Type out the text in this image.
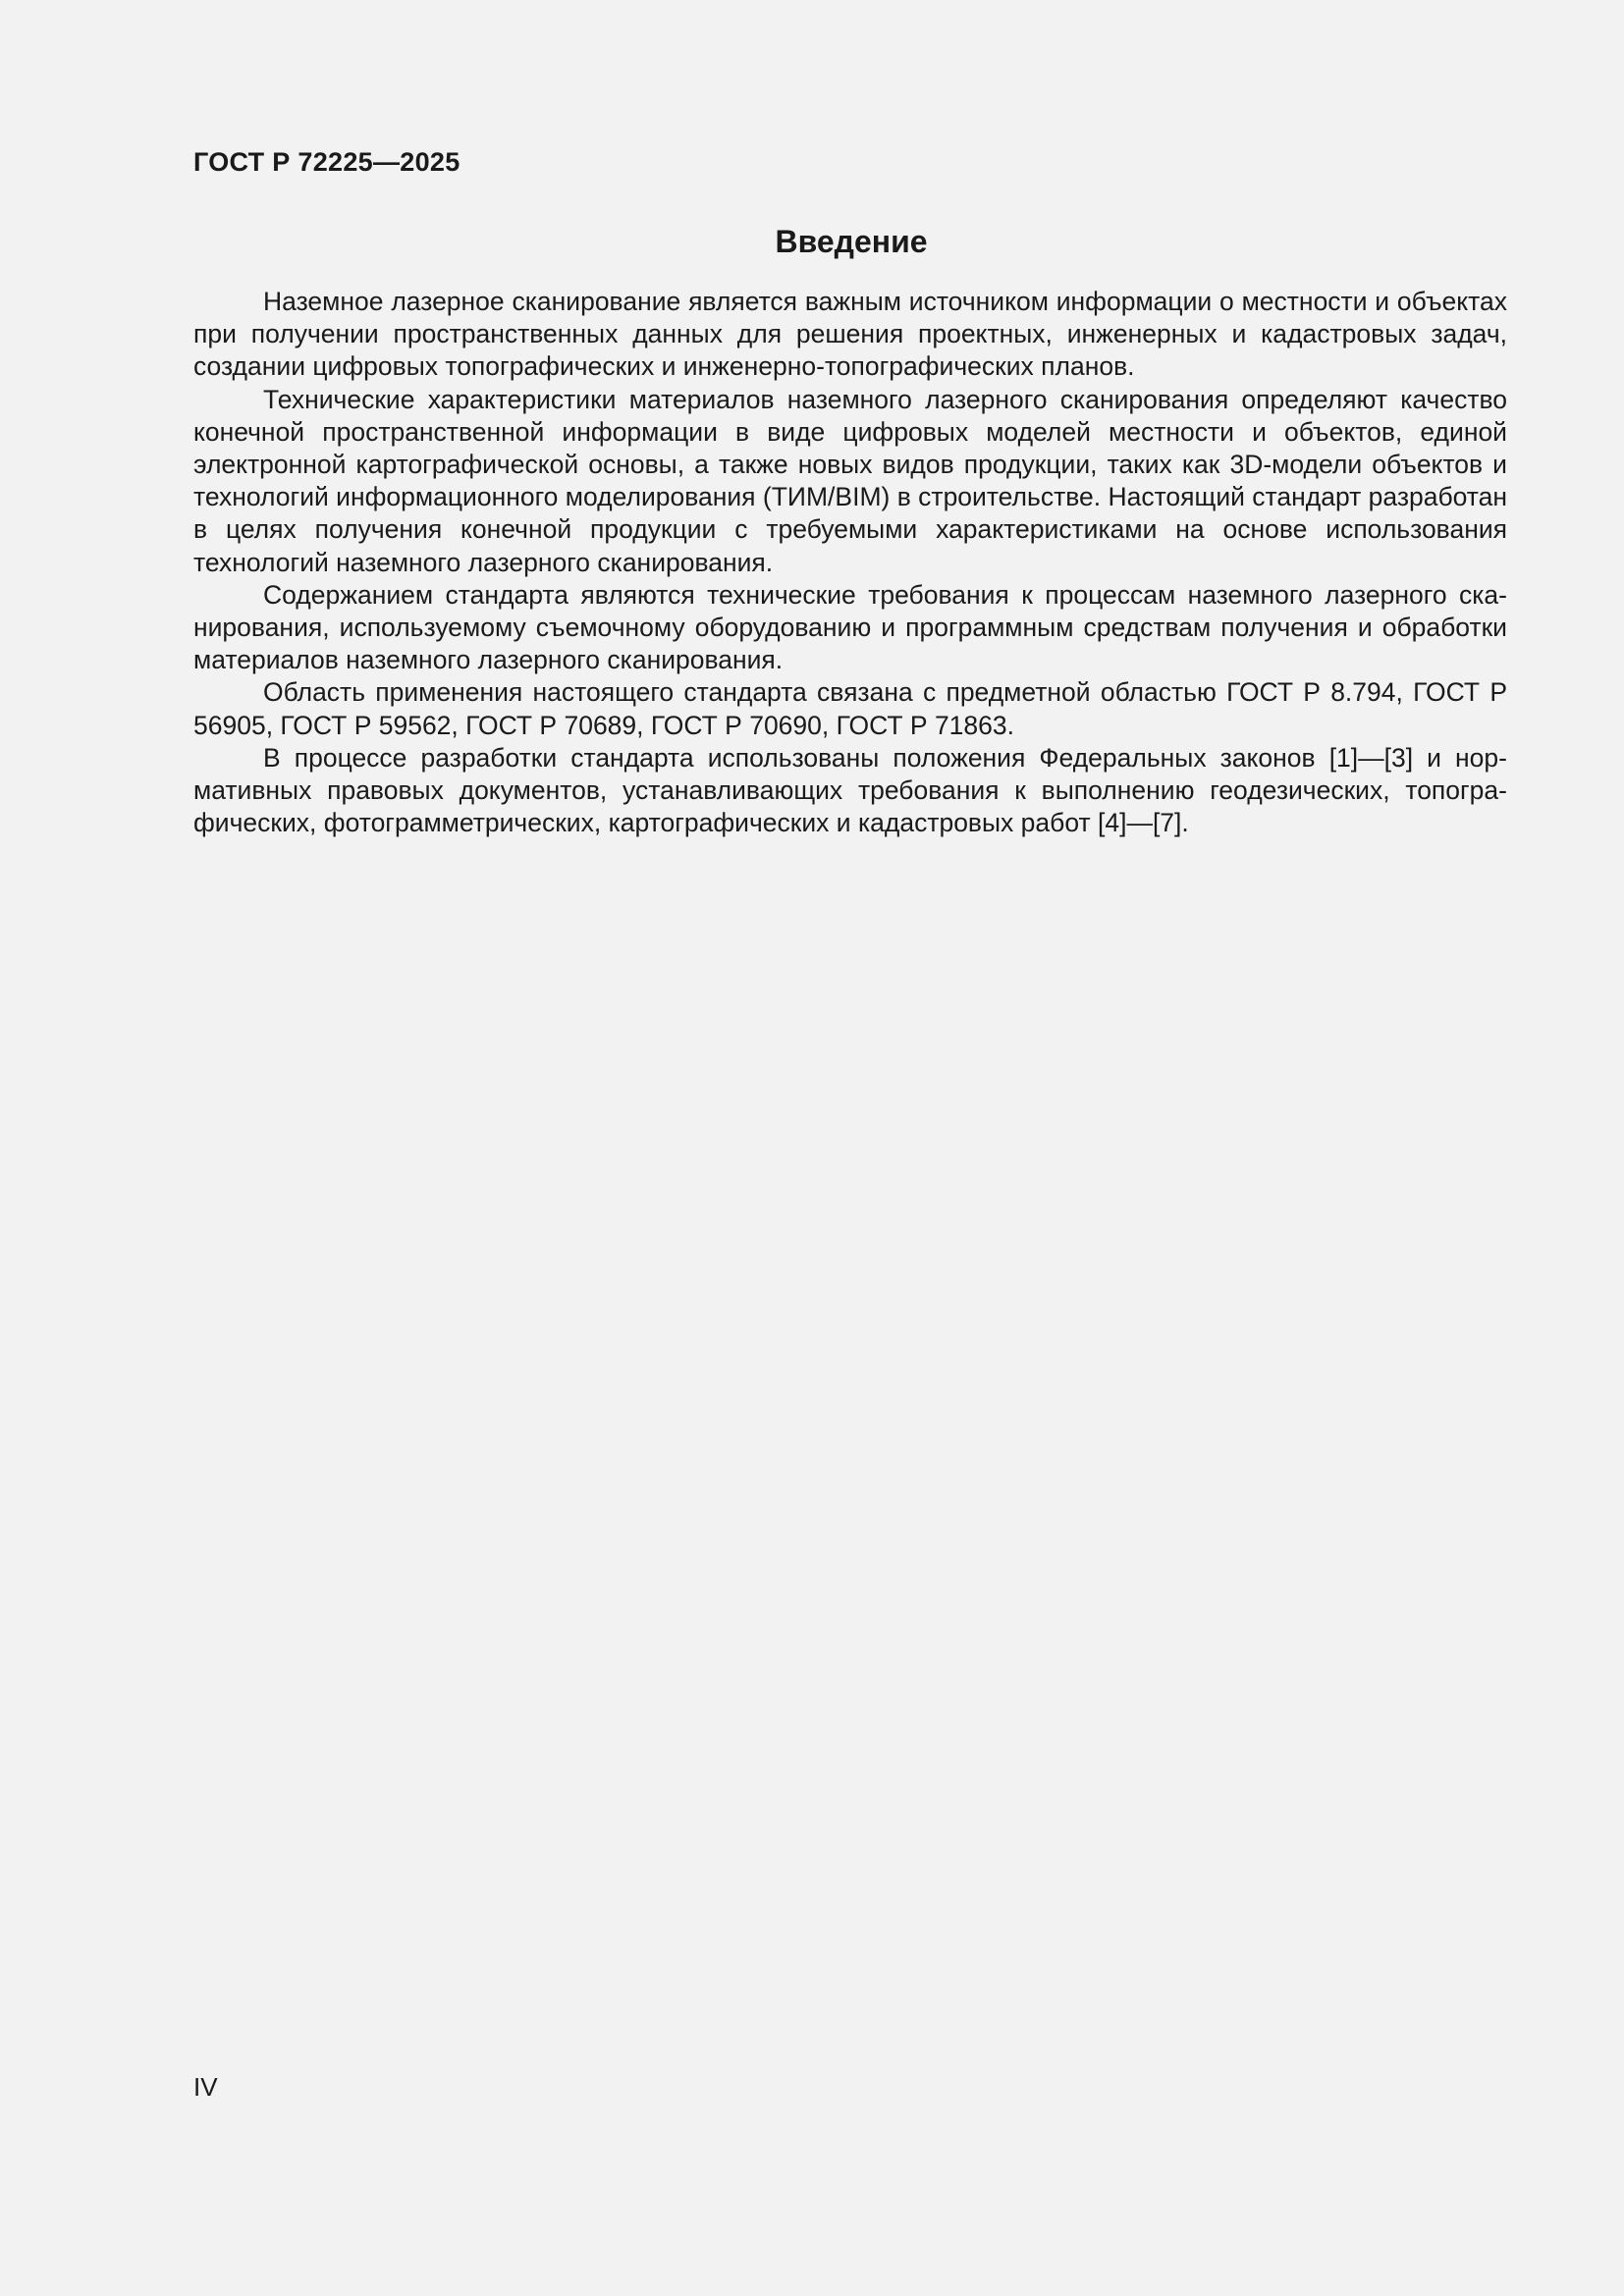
ГОСТ Р 72225—2025
Введение

Наземное лазерное сканирование является важным источником информации о местности и объектах при получении пространственных данных для решения проектных, инженерных и кадастровых задач, создании цифровых топографических и инженерно-топографических планов.

Технические характеристики материалов наземного лазерного сканирования определяют качество конечной пространственной информации в виде цифровых моделей местности и объектов, единой электронной картографической основы, а также новых видов продукции, таких как 3D-модели объектов и технологий информационного моделирования (ТИМ/BIM) в строительстве. Настоящий стандарт разработан в целях получения конечной продукции с требуемыми характеристиками на основе использования технологий наземного лазерного сканирования.

Содержанием стандарта являются технические требования к процессам наземного лазерного сканирования, используемому съемочному оборудованию и программным средствам получения и обработки материалов наземного лазерного сканирования.

Область применения настоящего стандарта связана с предметной областью ГОСТ Р 8.794, ГОСТ Р 56905, ГОСТ Р 59562, ГОСТ Р 70689, ГОСТ Р 70690, ГОСТ Р 71863.

В процессе разработки стандарта использованы положения Федеральных законов [1]—[3] и нормативных правовых документов, устанавливающих требования к выполнению геодезических, топографических, фотограмметрических, картографических и кадастровых работ [4]—[7].

IV
